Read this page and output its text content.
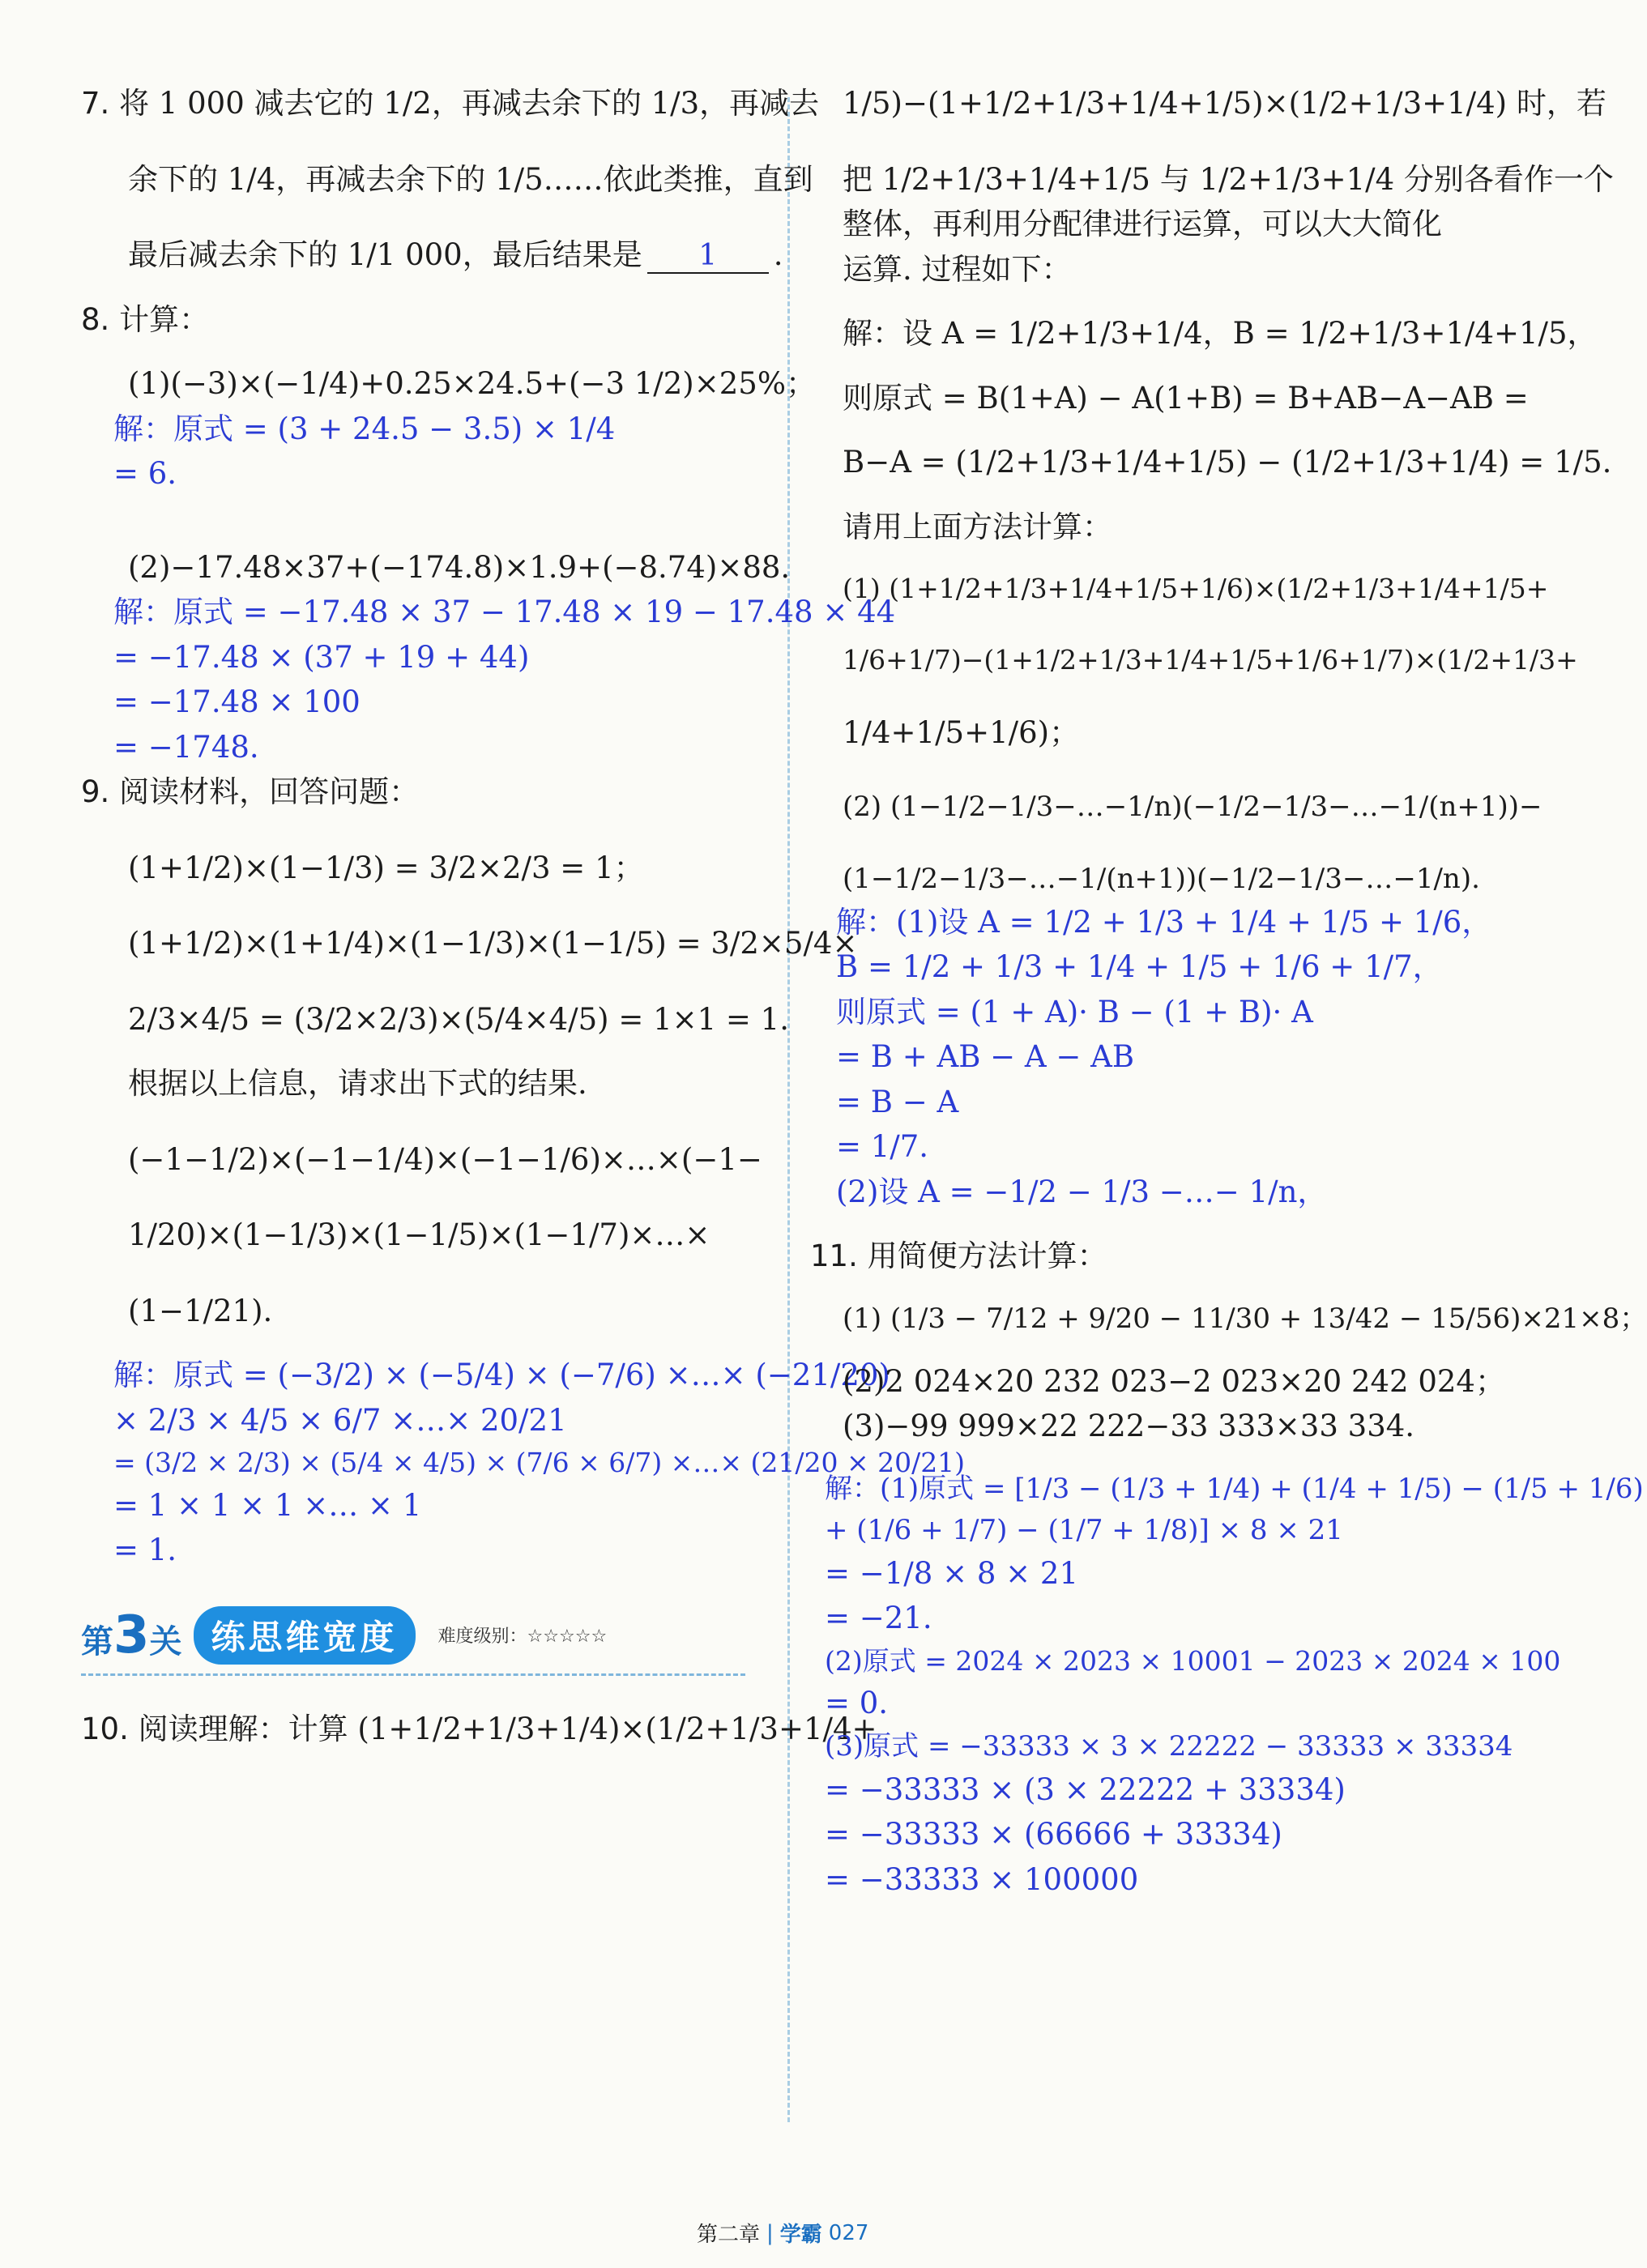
7. 将 1 000 减去它的 1/2，再减去余下的 1/3，再减去

余下的 1/4，再减去余下的 1/5……依此类推，直到

最后减去余下的 1/1 000，最后结果是 1 .

8. 计算：

(1)(−3)×(−1/4)+0.25×24.5+(−3 1/2)×25%；

解：原式 = (3 + 24.5 − 3.5) × 1/4

= 6.

(2)−17.48×37+(−174.8)×1.9+(−8.74)×88.

解：原式 = −17.48 × 37 − 17.48 × 19 − 17.48 × 44

= −17.48 × (37 + 19 + 44)

= −17.48 × 100

= −1748.

9. 阅读材料，回答问题：

(1+1/2)×(1−1/3) = 3/2×2/3 = 1；

(1+1/2)×(1+1/4)×(1−1/3)×(1−1/5) = 3/2×5/4×

2/3×4/5 = (3/2×2/3)×(5/4×4/5) = 1×1 = 1.

根据以上信息，请求出下式的结果.

(−1−1/2)×(−1−1/4)×(−1−1/6)×…×(−1−

1/20)×(1−1/3)×(1−1/5)×(1−1/7)×…×

(1−1/21).

解：原式 = (−3/2) × (−5/4) × (−7/6) ×…× (−21/20)

× 2/3 × 4/5 × 6/7 ×…× 20/21

= (3/2 × 2/3) × (5/4 × 4/5) × (7/6 × 6/7) ×…× (21/20 × 20/21)

= 1 × 1 × 1 ×… × 1

= 1.

第3关 练思维宽度	难度级别：☆☆☆☆☆

10. 阅读理解：计算 (1+1/2+1/3+1/4)×(1/2+1/3+1/4+

1/5)−(1+1/2+1/3+1/4+1/5)×(1/2+1/3+1/4) 时，若

把 1/2+1/3+1/4+1/5 与 1/2+1/3+1/4 分别各看作一个

整体，再利用分配律进行运算，可以大大简化

运算. 过程如下：

解：设 A = 1/2+1/3+1/4，B = 1/2+1/3+1/4+1/5，

则原式 = B(1+A) − A(1+B) = B+AB−A−AB =

B−A = (1/2+1/3+1/4+1/5) − (1/2+1/3+1/4) = 1/5.

请用上面方法计算：

(1) (1+1/2+1/3+1/4+1/5+1/6)×(1/2+1/3+1/4+1/5+

1/6+1/7)−(1+1/2+1/3+1/4+1/5+1/6+1/7)×(1/2+1/3+

1/4+1/5+1/6)；

(2) (1−1/2−1/3−…−1/n)(−1/2−1/3−…−1/(n+1))−

(1−1/2−1/3−…−1/(n+1))(−1/2−1/3−…−1/n).

解：(1)设 A = 1/2 + 1/3 + 1/4 + 1/5 + 1/6，

B = 1/2 + 1/3 + 1/4 + 1/5 + 1/6 + 1/7，

则原式 = (1 + A)· B − (1 + B)· A

= B + AB − A − AB

= B − A

= 1/7.

(2)设 A = −1/2 − 1/3 −…− 1/n，

11. 用简便方法计算：

(1) (1/3 − 7/12 + 9/20 − 11/30 + 13/42 − 15/56)×21×8；

(2)2 024×20 232 023−2 023×20 242 024；

(3)−99 999×22 222−33 333×33 334.

解：(1)原式 = [1/3 − (1/3 + 1/4) + (1/4 + 1/5) − (1/5 + 1/6)

+ (1/6 + 1/7) − (1/7 + 1/8)] × 8 × 21

= −1/8 × 8 × 21

= −21.

(2)原式 = 2024 × 2023 × 10001 − 2023 × 2024 × 100

= 0.

(3)原式 = −33333 × 3 × 22222 − 33333 × 33334

= −33333 × (3 × 22222 + 33334)

= −33333 × (66666 + 33334)

= −33333 × 100000

第二章 | 学霸 027
